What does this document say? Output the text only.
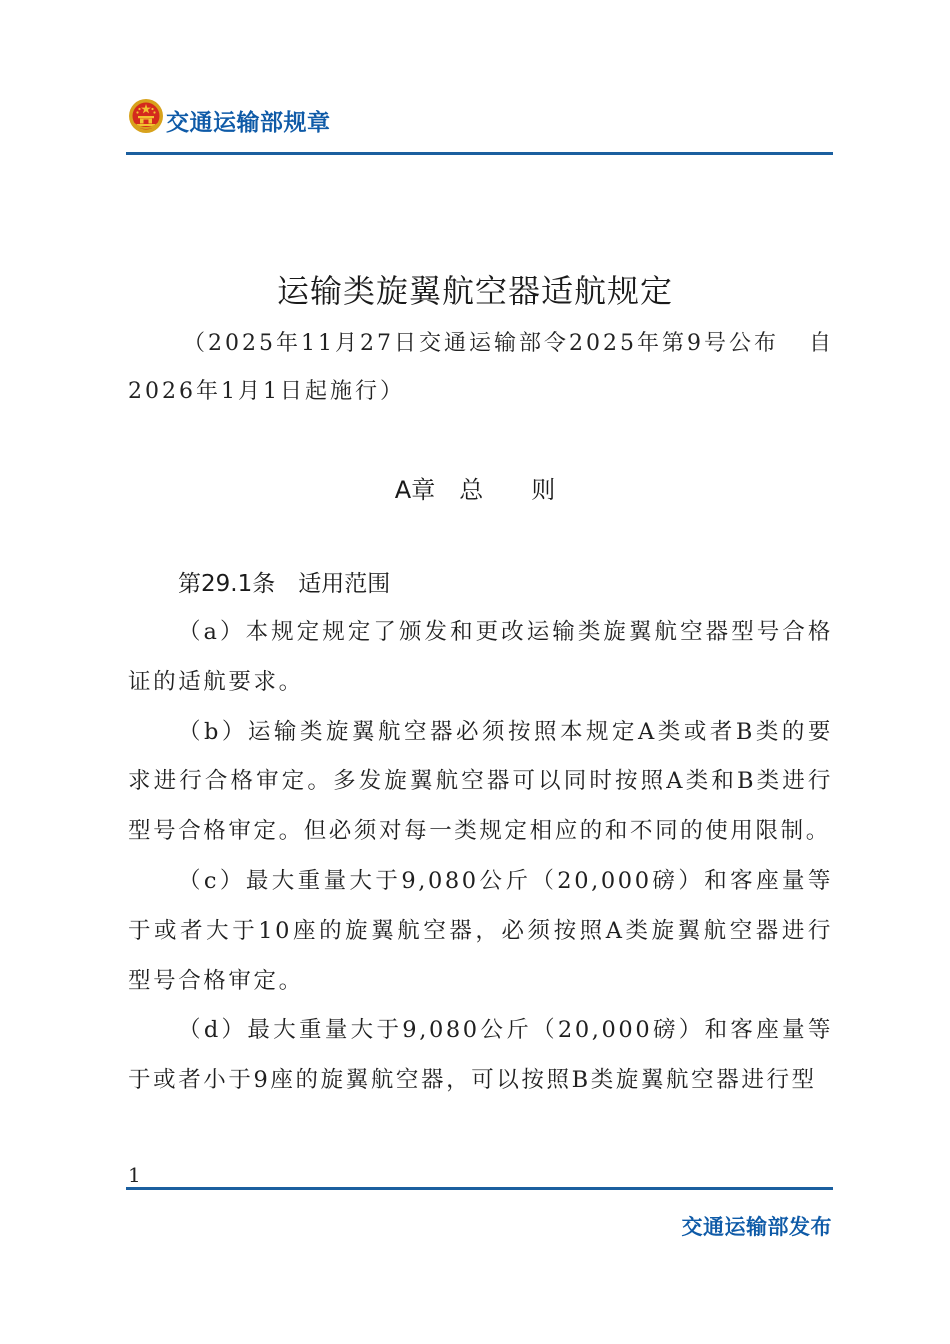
交通运输部规章
运输类旋翼航空器适航规定
（2025年11月27日交通运输部令2025年第9号公布 自
2026年1月1日起施行）
A章　总　　则
第29.1条　适用范围

（a）本规定规定了颁发和更改运输类旋翼航空器型号合格证的适航要求。

（b）运输类旋翼航空器必须按照本规定A类或者B类的要求进行合格审定。多发旋翼航空器可以同时按照A类和B类进行型号合格审定。但必须对每一类规定相应的和不同的使用限制。

（c）最大重量大于9,080公斤（20,000磅）和客座量等于或者大于10座的旋翼航空器，必须按照A类旋翼航空器进行型号合格审定。

（d）最大重量大于9,080公斤（20,000磅）和客座量等于或者小于9座的旋翼航空器，可以按照B类旋翼航空器进行型

1
交通运输部发布
